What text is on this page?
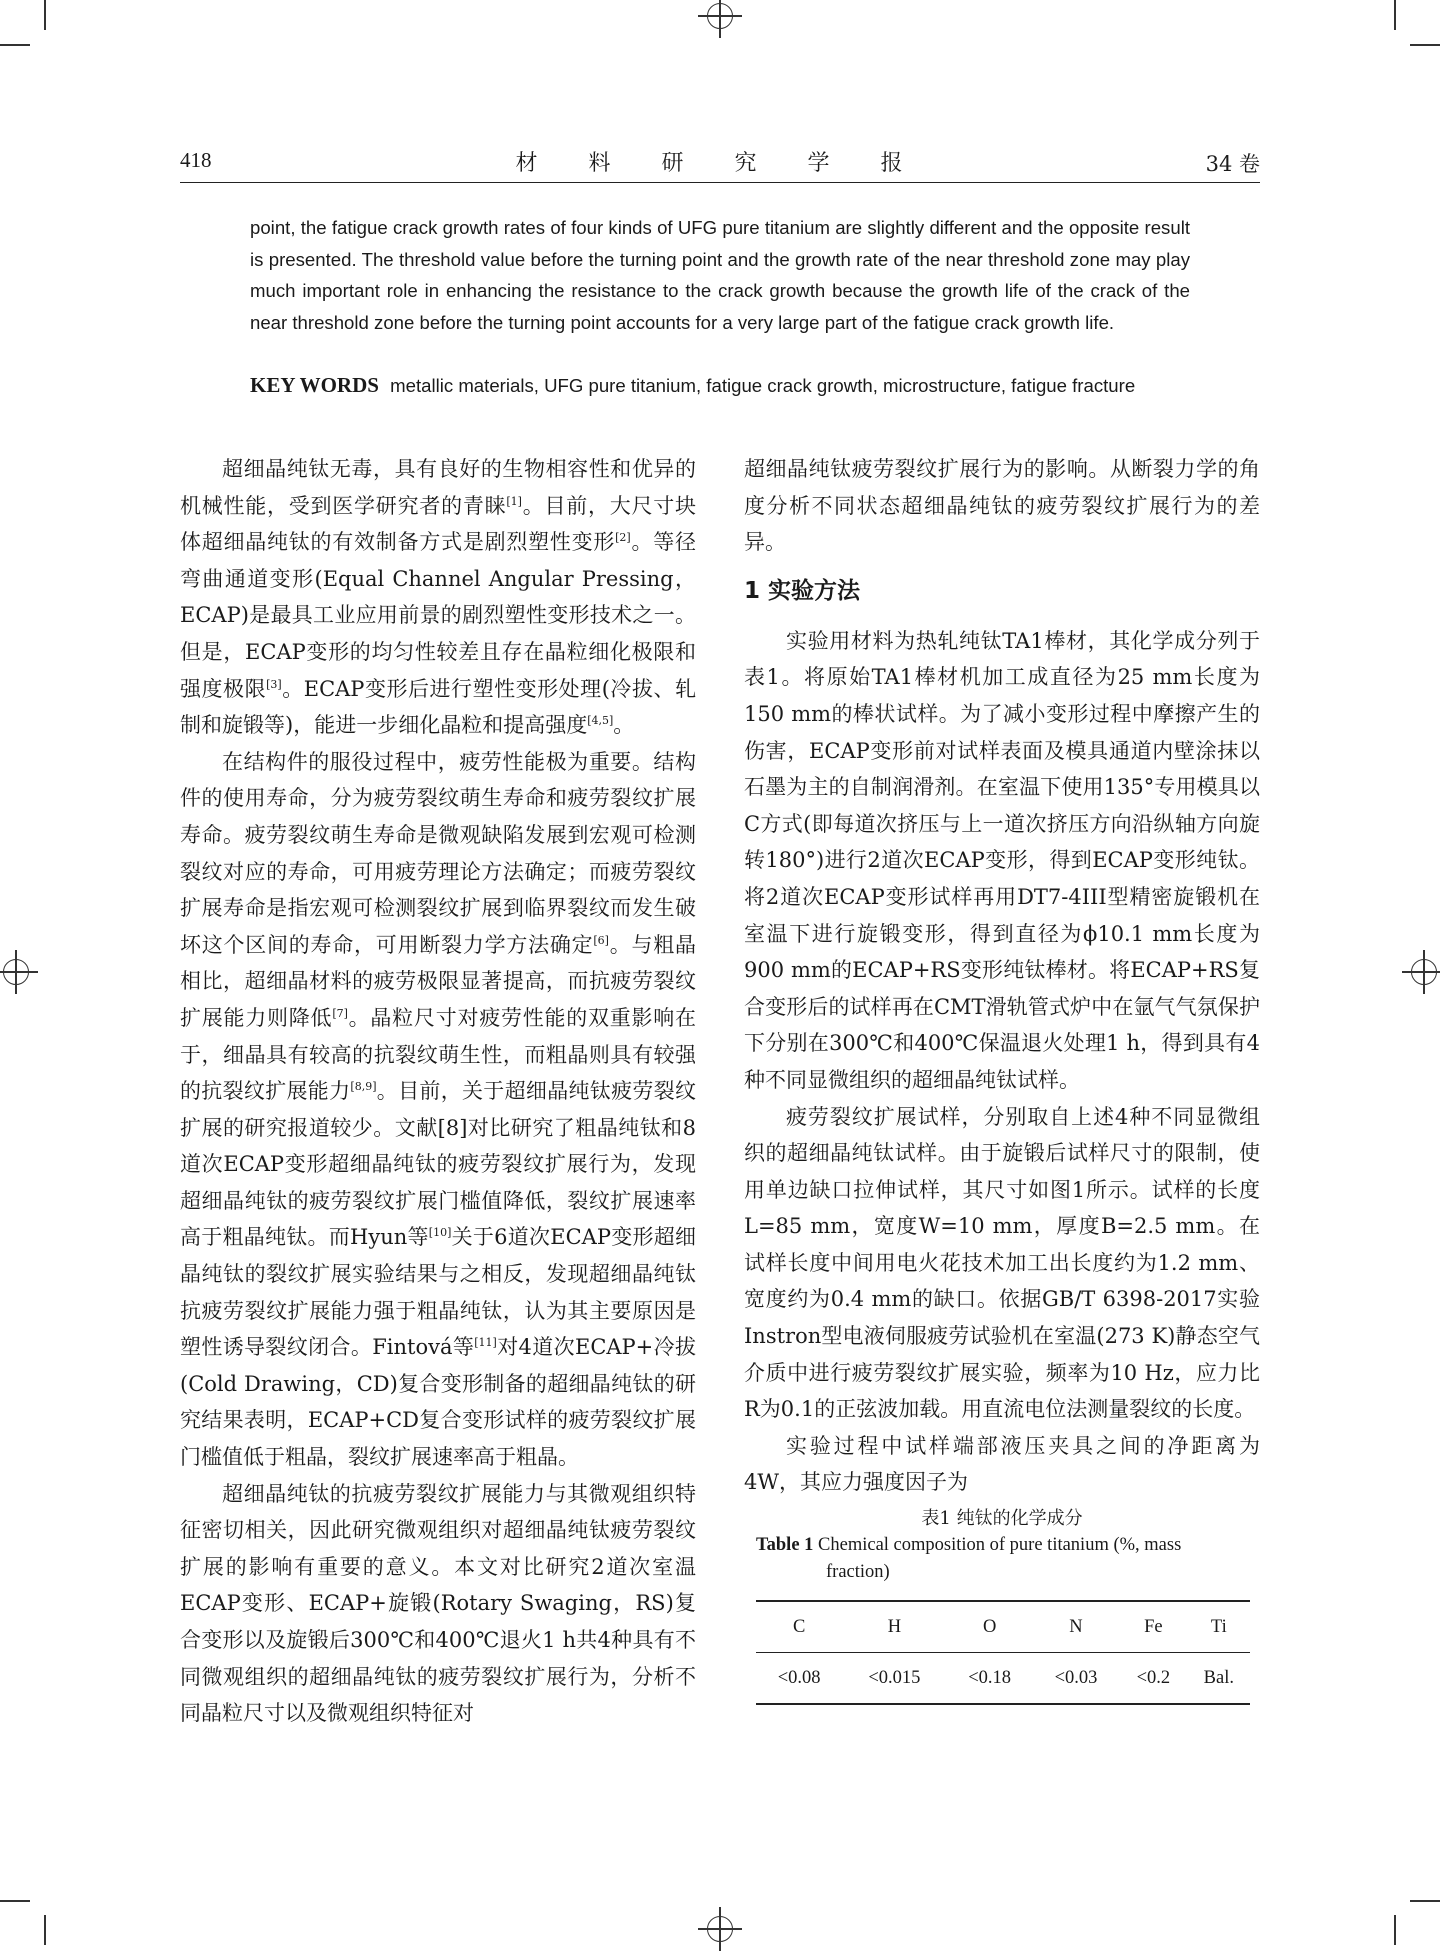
418	材 料 研 究 学 报	34 卷
point, the fatigue crack growth rates of four kinds of UFG pure titanium are slightly different and the opposite result is presented. The threshold value before the turning point and the growth rate of the near threshold zone may play much important role in enhancing the resistance to the crack growth because the growth life of the crack of the near threshold zone before the turning point accounts for a very large part of the fatigue crack growth life.
KEY WORDS metallic materials, UFG pure titanium, fatigue crack growth, microstructure, fatigue fracture

超细晶纯钛无毒，具有良好的生物相容性和优异的机械性能，受到医学研究者的青睐[1]。目前，大尺寸块体超细晶纯钛的有效制备方式是剧烈塑性变形[2]。等径弯曲通道变形(Equal Channel Angular Pressing，ECAP)是最具工业应用前景的剧烈塑性变形技术之一。但是，ECAP变形的均匀性较差且存在晶粒细化极限和强度极限[3]。ECAP变形后进行塑性变形处理(冷拔、轧制和旋锻等)，能进一步细化晶粒和提高强度[4,5]。

在结构件的服役过程中，疲劳性能极为重要。结构件的使用寿命，分为疲劳裂纹萌生寿命和疲劳裂纹扩展寿命。疲劳裂纹萌生寿命是微观缺陷发展到宏观可检测裂纹对应的寿命，可用疲劳理论方法确定；而疲劳裂纹扩展寿命是指宏观可检测裂纹扩展到临界裂纹而发生破坏这个区间的寿命，可用断裂力学方法确定[6]。与粗晶相比，超细晶材料的疲劳极限显著提高，而抗疲劳裂纹扩展能力则降低[7]。晶粒尺寸对疲劳性能的双重影响在于，细晶具有较高的抗裂纹萌生性，而粗晶则具有较强的抗裂纹扩展能力[8,9]。目前，关于超细晶纯钛疲劳裂纹扩展的研究报道较少。文献[8]对比研究了粗晶纯钛和8道次ECAP变形超细晶纯钛的疲劳裂纹扩展行为，发现超细晶纯钛的疲劳裂纹扩展门槛值降低，裂纹扩展速率高于粗晶纯钛。而Hyun等[10]关于6道次ECAP变形超细晶纯钛的裂纹扩展实验结果与之相反，发现超细晶纯钛抗疲劳裂纹扩展能力强于粗晶纯钛，认为其主要原因是塑性诱导裂纹闭合。Fintová等[11]对4道次ECAP+冷拔(Cold Drawing，CD)复合变形制备的超细晶纯钛的研究结果表明，ECAP+CD复合变形试样的疲劳裂纹扩展门槛值低于粗晶，裂纹扩展速率高于粗晶。

超细晶纯钛的抗疲劳裂纹扩展能力与其微观组织特征密切相关，因此研究微观组织对超细晶纯钛疲劳裂纹扩展的影响有重要的意义。本文对比研究2道次室温ECAP变形、ECAP+旋锻(Rotary Swaging，RS)复合变形以及旋锻后300℃和400℃退火1 h共4种具有不同微观组织的超细晶纯钛的疲劳裂纹扩展行为，分析不同晶粒尺寸以及微观组织特征对

超细晶纯钛疲劳裂纹扩展行为的影响。从断裂力学的角度分析不同状态超细晶纯钛的疲劳裂纹扩展行为的差异。

1 实验方法

实验用材料为热轧纯钛TA1棒材，其化学成分列于表1。将原始TA1棒材机加工成直径为25 mm长度为150 mm的棒状试样。为了减小变形过程中摩擦产生的伤害，ECAP变形前对试样表面及模具通道内壁涂抹以石墨为主的自制润滑剂。在室温下使用135°专用模具以C方式(即每道次挤压与上一道次挤压方向沿纵轴方向旋转180°)进行2道次ECAP变形，得到ECAP变形纯钛。将2道次ECAP变形试样再用DT7-4III型精密旋锻机在室温下进行旋锻变形，得到直径为ϕ10.1 mm长度为900 mm的ECAP+RS变形纯钛棒材。将ECAP+RS复合变形后的试样再在CMT滑轨管式炉中在氩气气氛保护下分别在300℃和400℃保温退火处理1 h，得到具有4种不同显微组织的超细晶纯钛试样。

疲劳裂纹扩展试样，分别取自上述4种不同显微组织的超细晶纯钛试样。由于旋锻后试样尺寸的限制，使用单边缺口拉伸试样，其尺寸如图1所示。试样的长度L=85 mm，宽度W=10 mm，厚度B=2.5 mm。在试样长度中间用电火花技术加工出长度约为1.2 mm、宽度约为0.4 mm的缺口。依据GB/T 6398-2017实验Instron型电液伺服疲劳试验机在室温(273 K)静态空气介质中进行疲劳裂纹扩展实验，频率为10 Hz，应力比R为0.1的正弦波加载。用直流电位法测量裂纹的长度。

实验过程中试样端部液压夹具之间的净距离为4W，其应力强度因子为

表1 纯钛的化学成分
Table 1 Chemical composition of pure titanium (%, mass
fraction)
C	H	O	N	Fe	Ti
<0.08	<0.015	<0.18	<0.03	<0.2	Bal.
